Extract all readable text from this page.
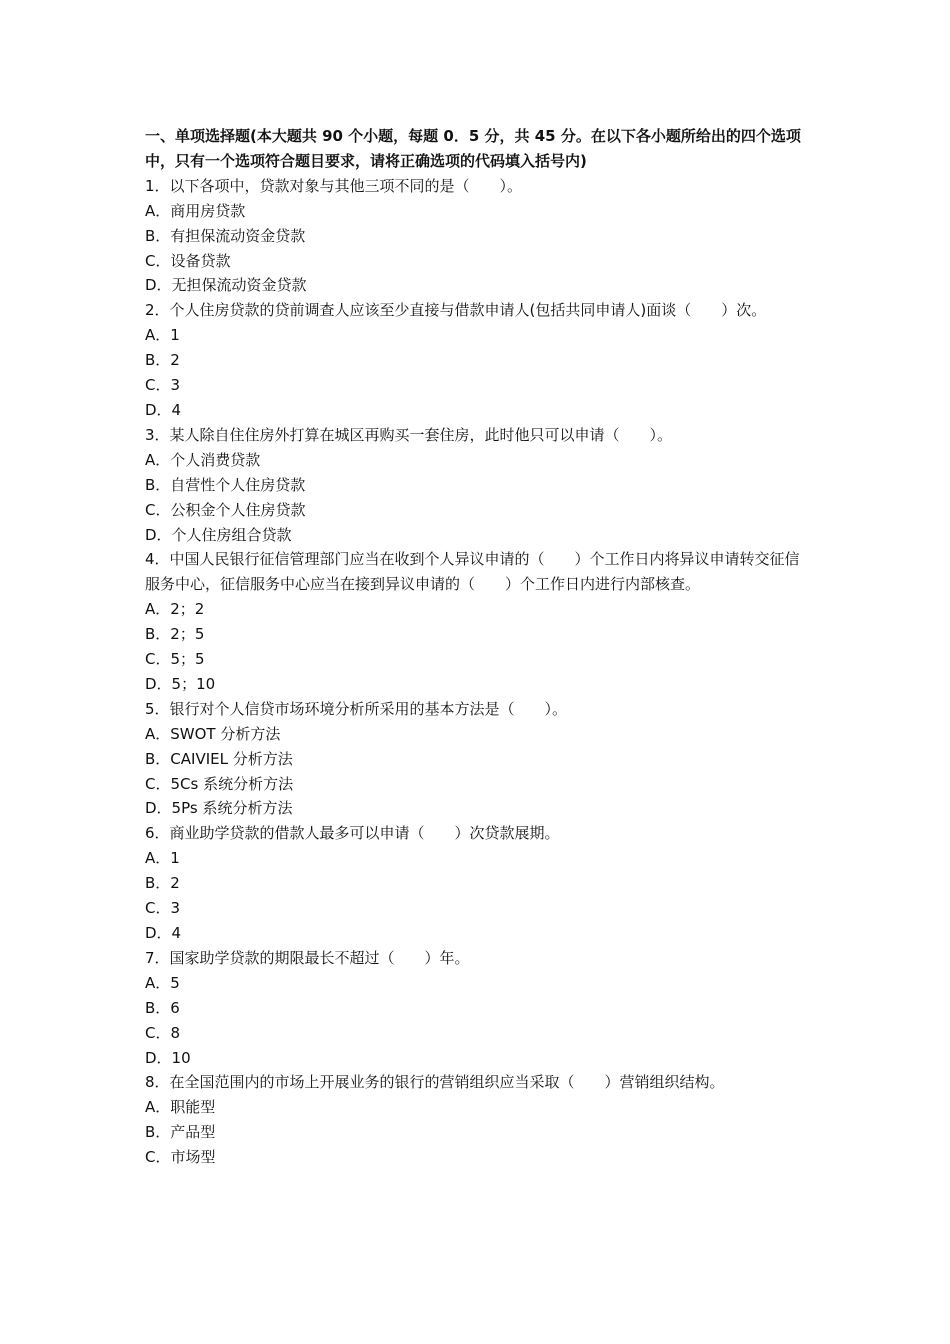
一、单项选择题(本大题共 90 个小题，每题 0．5 分，共 45 分。在以下各小题所给出的四个选项中，只有一个选项符合题目要求，请将正确选项的代码填入括号内)
1．以下各项中，贷款对象与其他三项不同的是（　　）。
A．商用房贷款
B．有担保流动资金贷款
C．设备贷款
D．无担保流动资金贷款
2．个人住房贷款的贷前调查人应该至少直接与借款申请人(包括共同申请人)面谈（　　）次。
A．1
B．2
C．3
D．4
3．某人除自住住房外打算在城区再购买一套住房，此时他只可以申请（　　）。
A．个人消费贷款
B．自营性个人住房贷款
C．公积金个人住房贷款
D．个人住房组合贷款
4．中国人民银行征信管理部门应当在收到个人异议申请的（　　）个工作日内将异议申请转交征信服务中心，征信服务中心应当在接到异议申请的（　　）个工作日内进行内部核查。
A．2；2
B．2；5
C．5；5
D．5；10
5．银行对个人信贷市场环境分析所采用的基本方法是（　　）。
A．SWOT 分析方法
B．CAIVIEL 分析方法
C．5Cs 系统分析方法
D．5Ps 系统分析方法
6．商业助学贷款的借款人最多可以申请（　　）次贷款展期。
A．1
B．2
C．3
D．4
7．国家助学贷款的期限最长不超过（　　）年。
A．5
B．6
C．8
D．10
8．在全国范围内的市场上开展业务的银行的营销组织应当采取（　　）营销组织结构。
A．职能型
B．产品型
C．市场型
